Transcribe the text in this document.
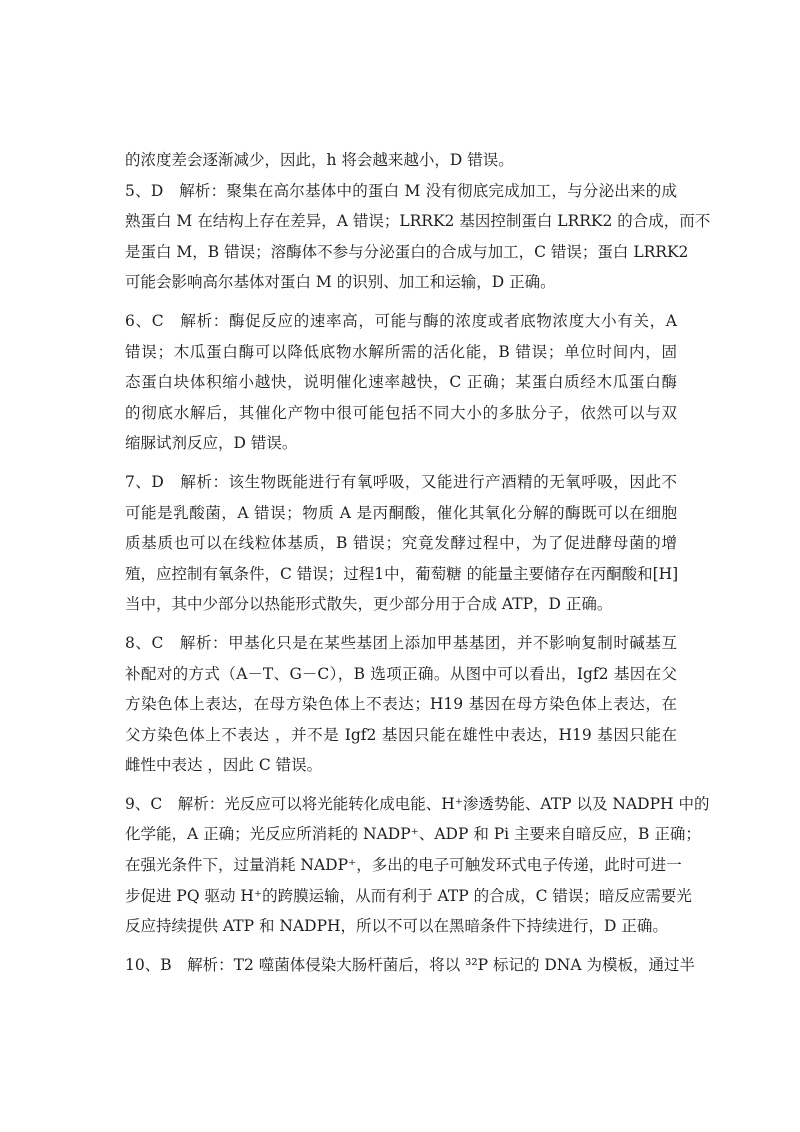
的浓度差会逐渐减少，因此，h 将会越来越小，D 错误。
5、D　解析：聚集在高尔基体中的蛋白 M 没有彻底完成加工，与分泌出来的成
熟蛋白 M 在结构上存在差异，A 错误；LRRK2 基因控制蛋白 LRRK2 的合成，而不
是蛋白 M，B 错误；溶酶体不参与分泌蛋白的合成与加工，C 错误；蛋白 LRRK2
可能会影响高尔基体对蛋白 M 的识别、加工和运输，D 正确。
6、C　解析：酶促反应的速率高，可能与酶的浓度或者底物浓度大小有关，A
错误；木瓜蛋白酶可以降低底物水解所需的活化能，B 错误；单位时间内，固
态蛋白块体积缩小越快，说明催化速率越快，C 正确；某蛋白质经木瓜蛋白酶
的彻底水解后，其催化产物中很可能包括不同大小的多肽分子，依然可以与双
缩脲试剂反应，D 错误。
7、D　解析：该生物既能进行有氧呼吸，又能进行产酒精的无氧呼吸，因此不
可能是乳酸菌，A 错误；物质 A 是丙酮酸，催化其氧化分解的酶既可以在细胞
质基质也可以在线粒体基质，B 错误；究竟发酵过程中，为了促进酵母菌的增
殖，应控制有氧条件，C 错误；过程1中，葡萄糖 的能量主要储存在丙酮酸和[H]
当中，其中少部分以热能形式散失，更少部分用于合成 ATP，D 正确。
8、C　解析：甲基化只是在某些基团上添加甲基基团，并不影响复制时碱基互
补配对的方式（A－T、G－C），B 选项正确。从图中可以看出，Igf2 基因在父
方染色体上表达，在母方染色体上不表达；H19 基因在母方染色体上表达，在
父方染色体上不表达 ，并不是 Igf2 基因只能在雄性中表达，H19 基因只能在
雌性中表达 ，因此 C 错误。
9、C　解析：光反应可以将光能转化成电能、H⁺渗透势能、ATP 以及 NADPH 中的
化学能，A 正确；光反应所消耗的 NADP⁺、ADP 和 Pi 主要来自暗反应，B 正确；
在强光条件下，过量消耗 NADP⁺，多出的电子可触发环式电子传递，此时可进一
步促进 PQ 驱动 H⁺的跨膜运输，从而有利于 ATP 的合成，C 错误；暗反应需要光
反应持续提供 ATP 和 NADPH，所以不可以在黑暗条件下持续进行，D 正确。
10、B　解析：T2 噬菌体侵染大肠杆菌后，将以 ³²P 标记的 DNA 为模板，通过半
